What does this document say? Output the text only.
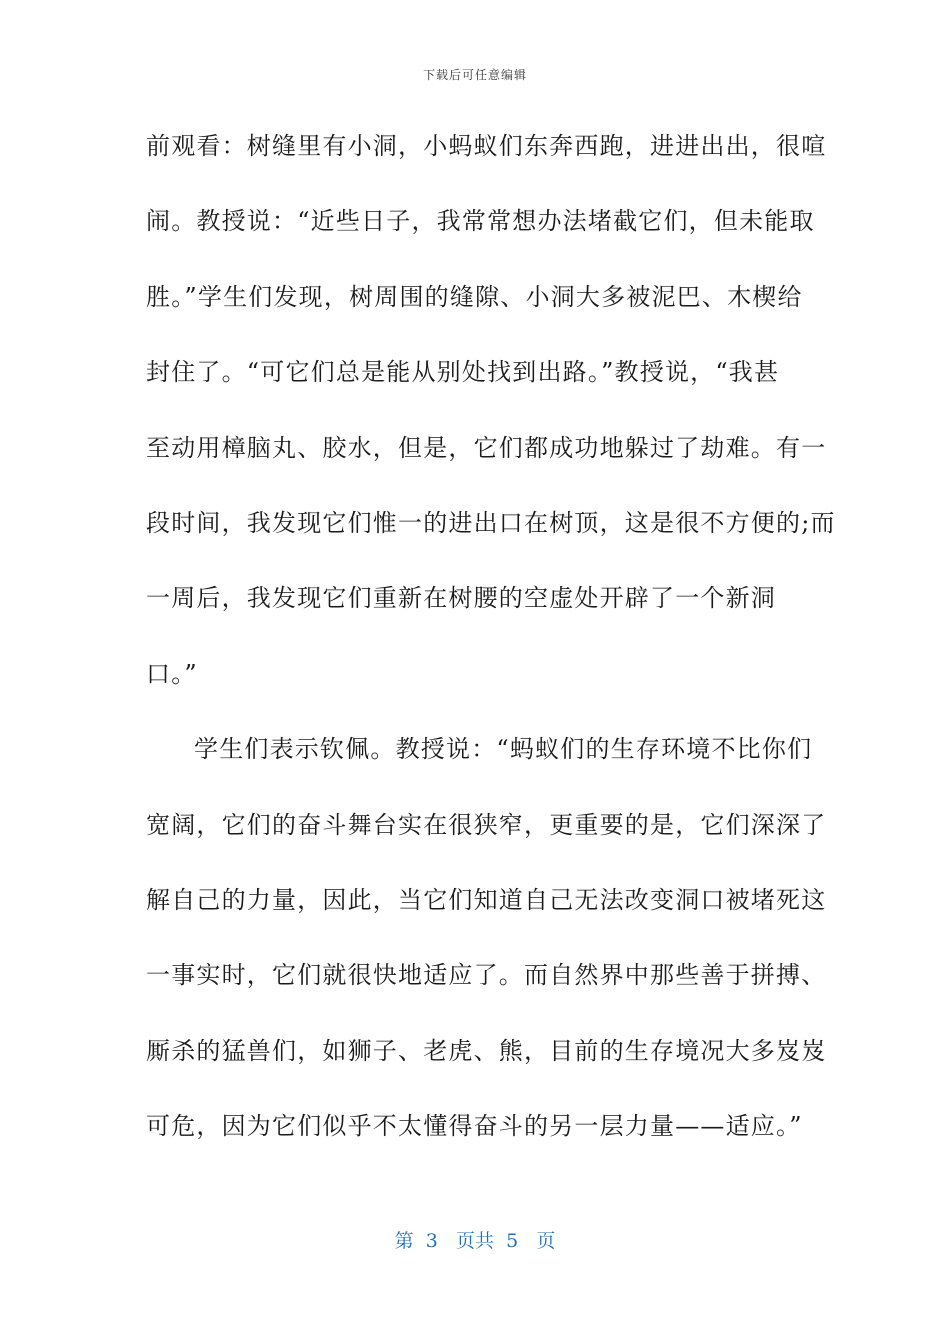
下载后可任意编辑
前观看：树缝里有小洞，小蚂蚁们东奔西跑，进进出出，很喧
闹。教授说：“近些日子，我常常想办法堵截它们，但未能取
胜。”学生们发现，树周围的缝隙、小洞大多被泥巴、木楔给
封住了。“可它们总是能从别处找到出路。”教授说，“我甚
至动用樟脑丸、胶水，但是，它们都成功地躲过了劫难。有一
段时间，我发现它们惟一的进出口在树顶，这是很不方便的;而
一周后，我发现它们重新在树腰的空虚处开辟了一个新洞
口。”
学生们表示钦佩。教授说：“蚂蚁们的生存环境不比你们
宽阔，它们的奋斗舞台实在很狭窄，更重要的是，它们深深了
解自己的力量，因此，当它们知道自己无法改变洞口被堵死这
一事实时，它们就很快地适应了。而自然界中那些善于拼搏、
厮杀的猛兽们，如狮子、老虎、熊，目前的生存境况大多岌岌
可危，因为它们似乎不太懂得奋斗的另一层力量——适应。”
第 3 页共 5 页
